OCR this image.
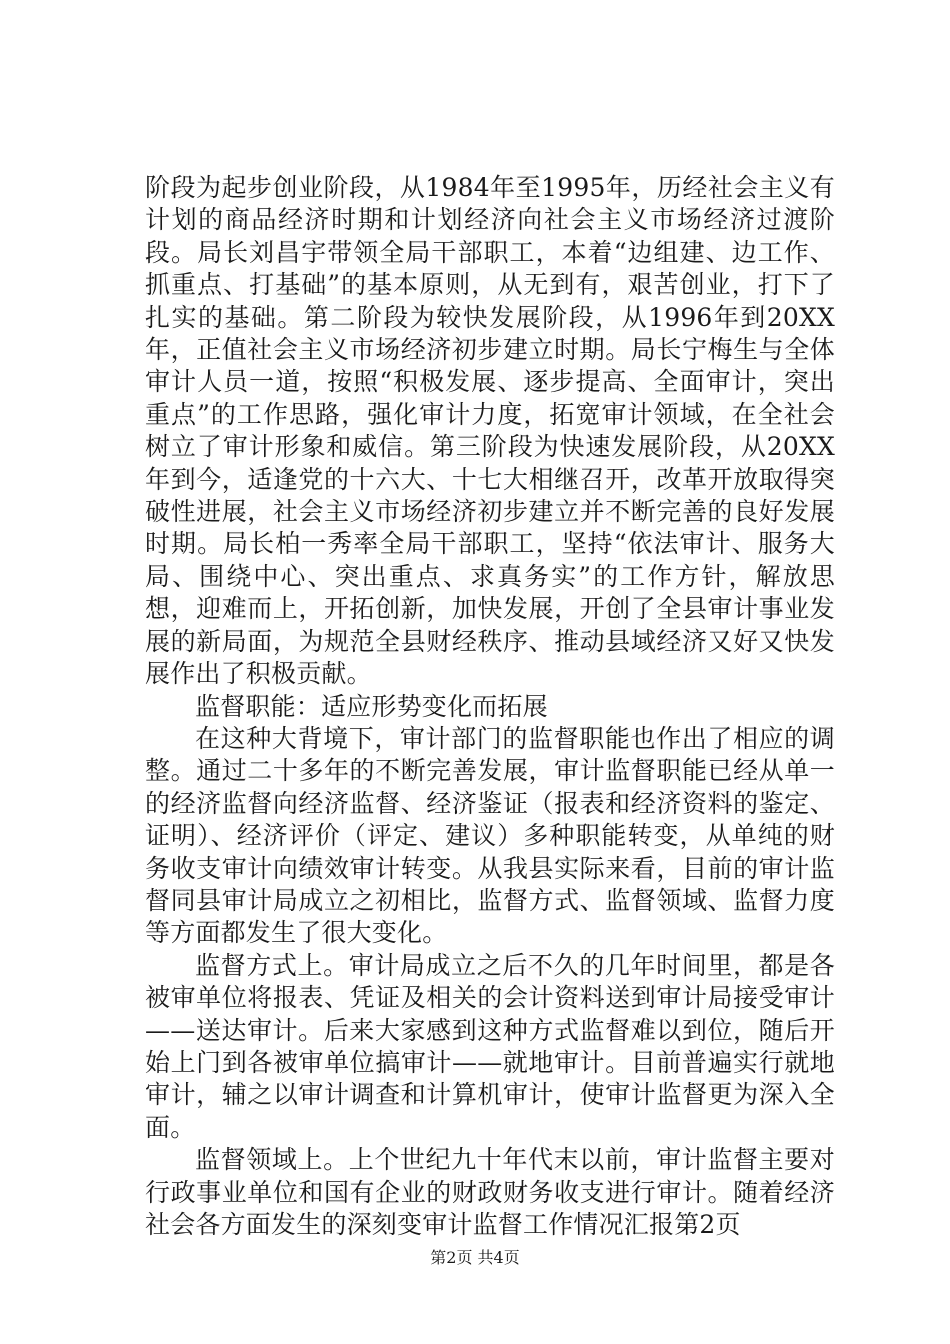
阶段为起步创业阶段，从1984年至1995年，历经社会主义有计划的商品经济时期和计划经济向社会主义市场经济过渡阶段。局长刘昌宇带领全局干部职工，本着“边组建、边工作、抓重点、打基础”的基本原则，从无到有，艰苦创业，打下了扎实的基础。第二阶段为较快发展阶段，从1996年到20XX年，正值社会主义市场经济初步建立时期。局长宁梅生与全体审计人员一道，按照“积极发展、逐步提高、全面审计，突出重点”的工作思路，强化审计力度，拓宽审计领域，在全社会树立了审计形象和威信。第三阶段为快速发展阶段，从20XX年到今，适逢党的十六大、十七大相继召开，改革开放取得突破性进展，社会主义市场经济初步建立并不断完善的良好发展时期。局长柏一秀率全局干部职工，坚持“依法审计、服务大局、围绕中心、突出重点、求真务实”的工作方针，解放思想，迎难而上，开拓创新，加快发展，开创了全县审计事业发展的新局面，为规范全县财经秩序、推动县域经济又好又快发展作出了积极贡献。

监督职能：适应形势变化而拓展

在这种大背境下，审计部门的监督职能也作出了相应的调整。通过二十多年的不断完善发展，审计监督职能已经从单一的经济监督向经济监督、经济鉴证（报表和经济资料的鉴定、证明）、经济评价（评定、建议）多种职能转变，从单纯的财务收支审计向绩效审计转变。从我县实际来看，目前的审计监督同县审计局成立之初相比，监督方式、监督领域、监督力度等方面都发生了很大变化。

监督方式上。审计局成立之后不久的几年时间里，都是各被审单位将报表、凭证及相关的会计资料送到审计局接受审计——送达审计。后来大家感到这种方式监督难以到位，随后开始上门到各被审单位搞审计——就地审计。目前普遍实行就地审计，辅之以审计调查和计算机审计，使审计监督更为深入全面。

监督领域上。上个世纪九十年代末以前，审计监督主要对行政事业单位和国有企业的财政财务收支进行审计。随着经济社会各方面发生的深刻变审计监督工作情况汇报第2页

第2页 共4页
